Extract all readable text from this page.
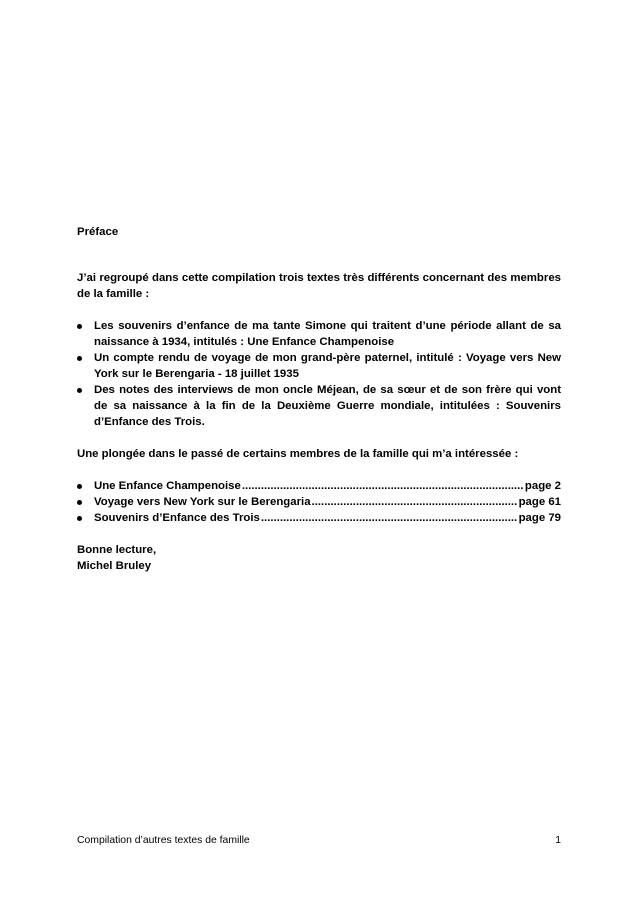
Préface

J’ai regroupé dans cette compilation trois textes très différents concernant des membres de la famille :

Les souvenirs d’enfance de ma tante Simone qui traitent d’une période allant de sa naissance à 1934, intitulés : Une Enfance Champenoise
Un compte rendu de voyage de mon grand-père paternel, intitulé : Voyage vers New York sur le Berengaria - 18 juillet 1935
Des notes des interviews de mon oncle Méjean, de sa sœur et de son frère qui vont de sa naissance à la fin de la Deuxième Guerre mondiale, intitulées : Souvenirs d’Enfance des Trois.

Une plongée dans le passé de certains membres de la famille qui m’a intéressée :

Une Enfance Champenoise .....	page 2
Voyage vers New York sur le Berengaria .....	page 61
Souvenirs d’Enfance des Trois .....	page 79
Bonne lecture,
Michel Bruley
Compilation d’autres textes de famille	1
